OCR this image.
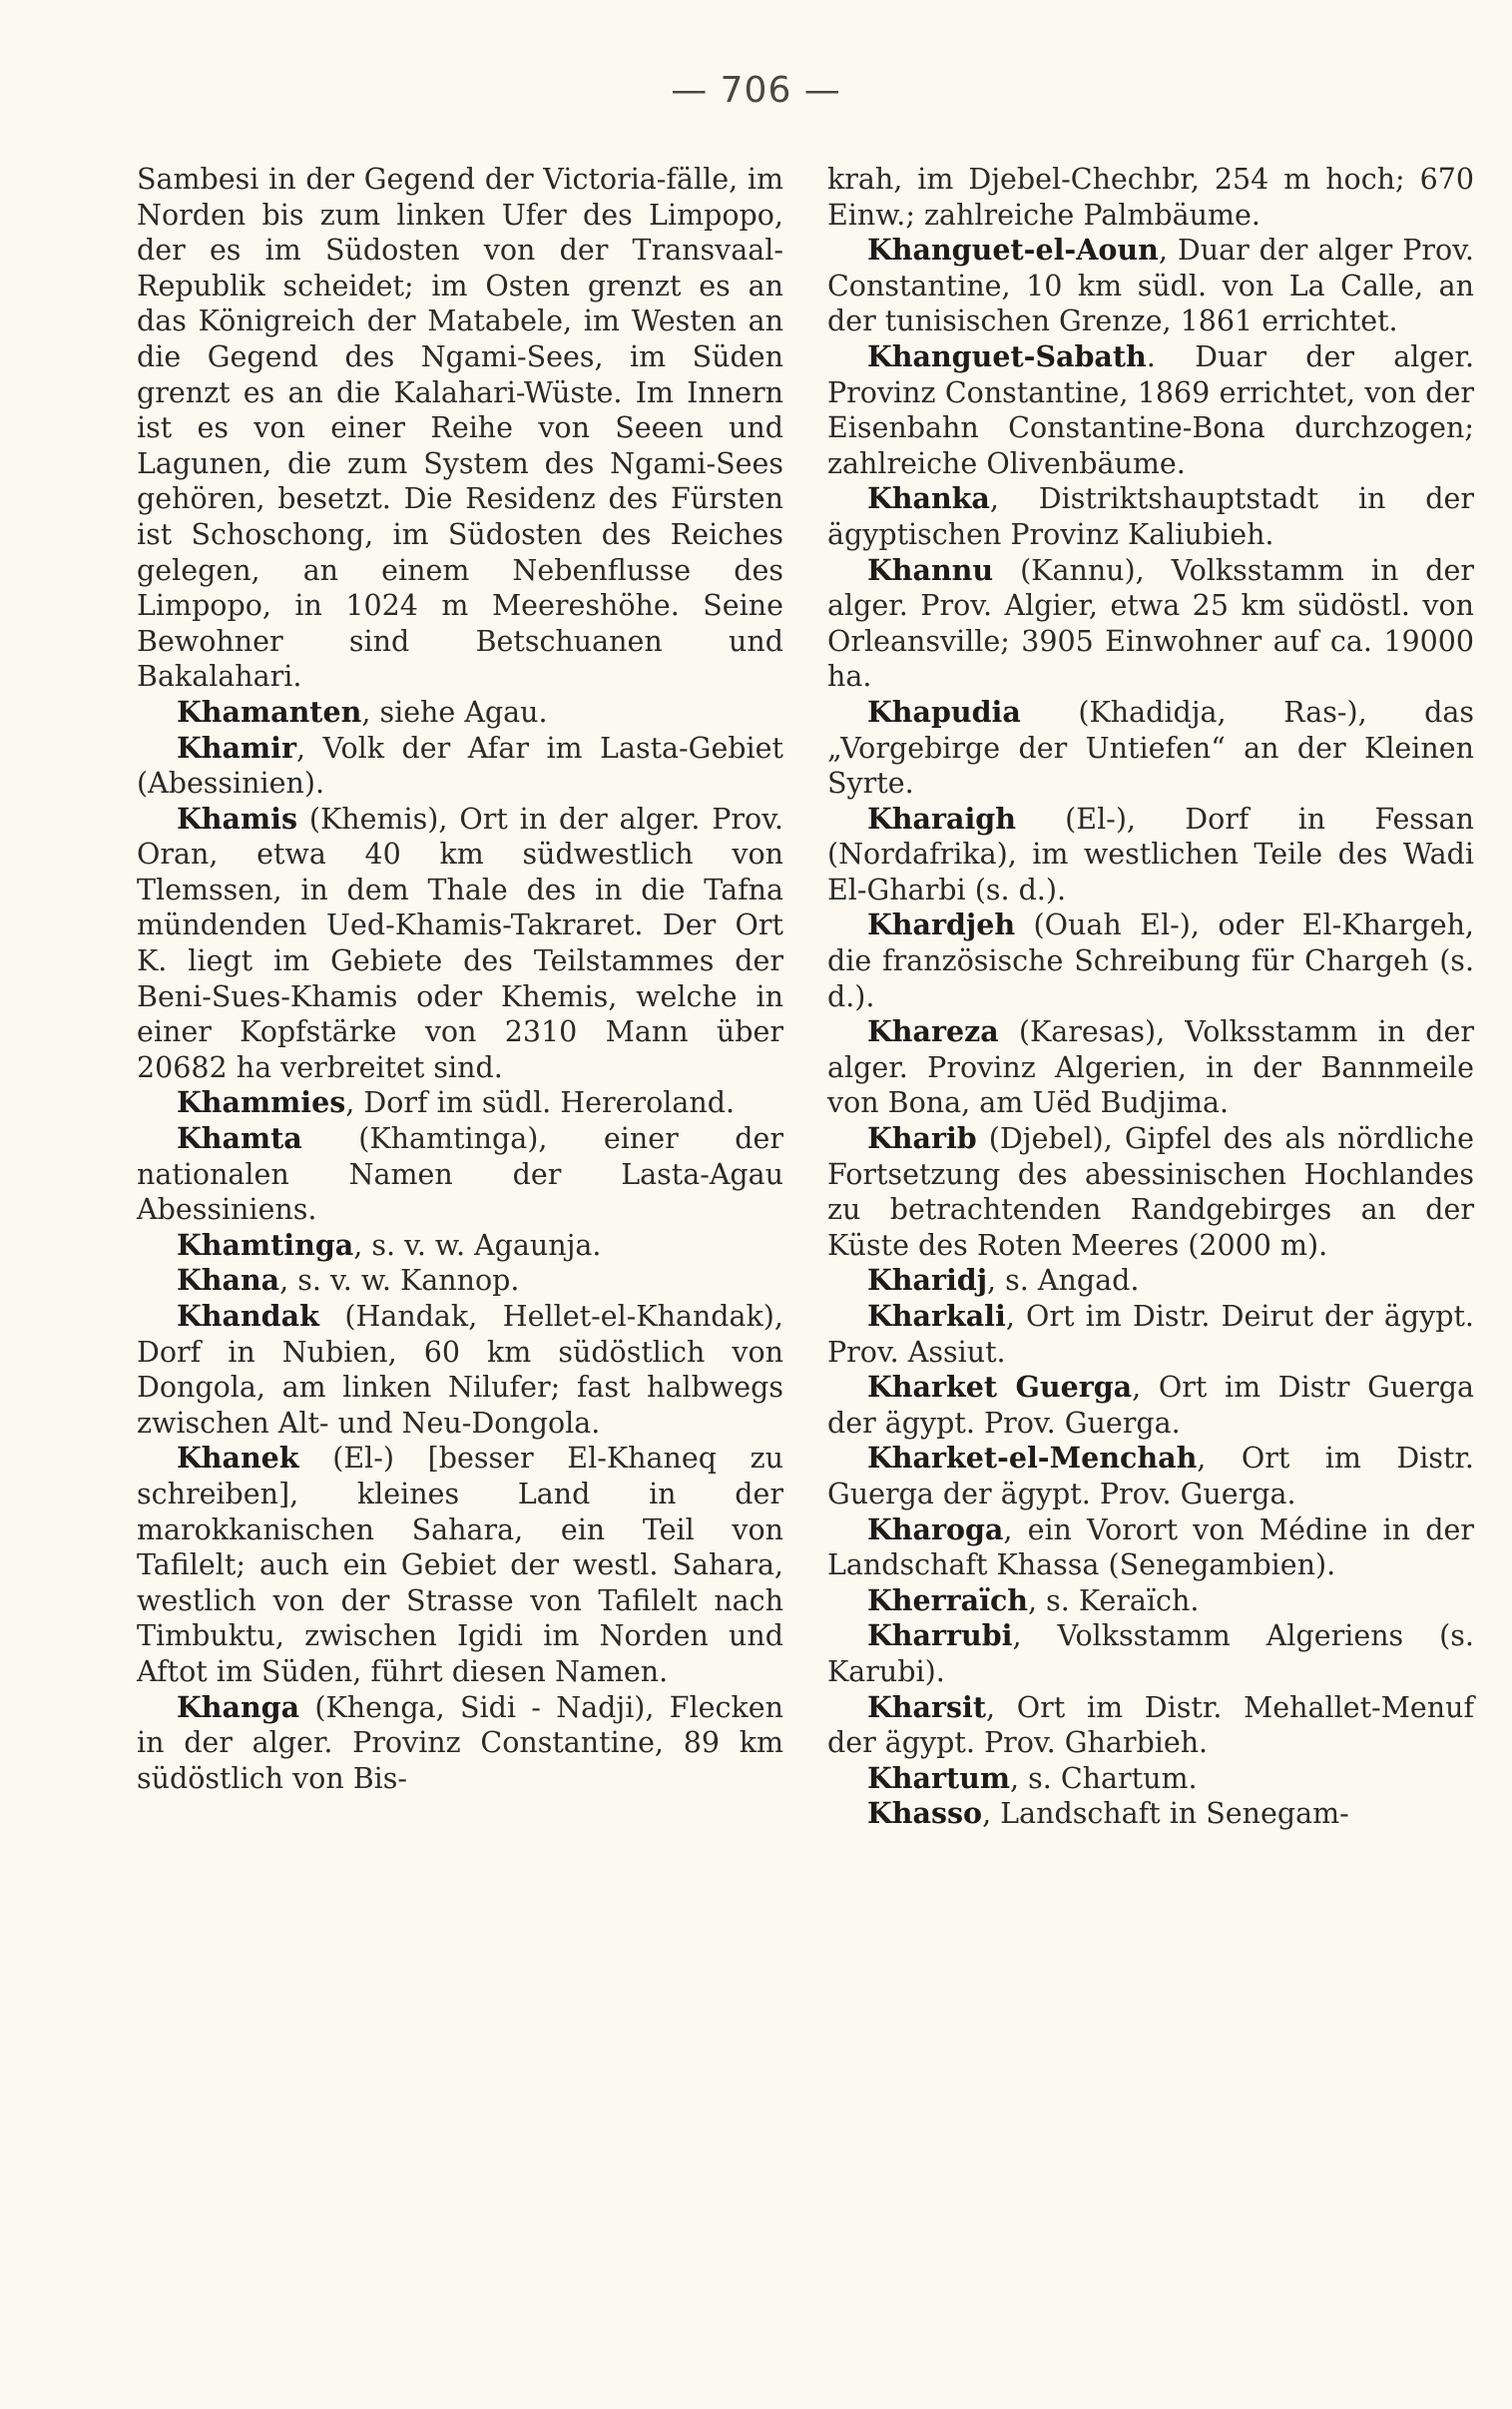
— 706 —

Sambesi in der Gegend der Victoria-fälle, im Norden bis zum linken Ufer des Limpopo, der es im Südosten von der Transvaal-Republik scheidet; im Osten grenzt es an das Königreich der Matabele, im Westen an die Gegend des Ngami-Sees, im Süden grenzt es an die Kalahari-Wüste. Im Innern ist es von einer Reihe von Seeen und Lagunen, die zum System des Ngami-Sees gehören, besetzt. Die Residenz des Fürsten ist Schoschong, im Südosten des Reiches gelegen, an einem Nebenflusse des Limpopo, in 1024 m Meereshöhe. Seine Bewohner sind Betschuanen und Bakalahari.

Khamanten, siehe Agau.

Khamir, Volk der Afar im Lasta-Gebiet (Abessinien).

Khamis (Khemis), Ort in der alger. Prov. Oran, etwa 40 km südwestlich von Tlemssen, in dem Thale des in die Tafna mündenden Ued-Khamis-Takraret. Der Ort K. liegt im Gebiete des Teilstammes der Beni-Sues-Khamis oder Khemis, welche in einer Kopfstärke von 2310 Mann über 20682 ha verbreitet sind.

Khammies, Dorf im südl. Hereroland.

Khamta (Khamtinga), einer der nationalen Namen der Lasta-Agau Abessiniens.

Khamtinga, s. v. w. Agaunja.

Khana, s. v. w. Kannop.

Khandak (Handak, Hellet-el-Khandak), Dorf in Nubien, 60 km südöstlich von Dongola, am linken Nilufer; fast halbwegs zwischen Alt- und Neu-Dongola.

Khanek (El-) [besser El-Khaneq zu schreiben], kleines Land in der marokkanischen Sahara, ein Teil von Tafilelt; auch ein Gebiet der westl. Sahara, westlich von der Strasse von Tafilelt nach Timbuktu, zwischen Igidi im Norden und Aftot im Süden, führt diesen Namen.

Khanga (Khenga, Sidi - Nadji), Flecken in der alger. Provinz Constantine, 89 km südöstlich von Bis-

krah, im Djebel-Chechbr, 254 m hoch; 670 Einw.; zahlreiche Palmbäume.

Khanguet-el-Aoun, Duar der alger Prov. Constantine, 10 km südl. von La Calle, an der tunisischen Grenze, 1861 errichtet.

Khanguet-Sabath. Duar der alger. Provinz Constantine, 1869 errichtet, von der Eisenbahn Constantine-Bona durchzogen; zahlreiche Olivenbäume.

Khanka, Distriktshauptstadt in der ägyptischen Provinz Kaliubieh.

Khannu (Kannu), Volksstamm in der alger. Prov. Algier, etwa 25 km südöstl. von Orleansville; 3905 Einwohner auf ca. 19000 ha.

Khapudia (Khadidja, Ras-), das „Vorgebirge der Untiefen“ an der Kleinen Syrte.

Kharaigh (El-), Dorf in Fessan (Nordafrika), im westlichen Teile des Wadi El-Gharbi (s. d.).

Khardjeh (Ouah El-), oder El-Khargeh, die französische Schreibung für Chargeh (s. d.).

Khareza (Karesas), Volksstamm in der alger. Provinz Algerien, in der Bannmeile von Bona, am Uëd Budjima.

Kharib (Djebel), Gipfel des als nördliche Fortsetzung des abessinischen Hochlandes zu betrachtenden Randgebirges an der Küste des Roten Meeres (2000 m).

Kharidj, s. Angad.

Kharkali, Ort im Distr. Deirut der ägypt. Prov. Assiut.

Kharket Guerga, Ort im Distr Guerga der ägypt. Prov. Guerga.

Kharket-el-Menchah, Ort im Distr. Guerga der ägypt. Prov. Guerga.

Kharoga, ein Vorort von Médine in der Landschaft Khassa (Senegambien).

Kherraïch, s. Keraïch.

Kharrubi, Volksstamm Algeriens (s. Karubi).

Kharsit, Ort im Distr. Mehallet-Menuf der ägypt. Prov. Gharbieh.

Khartum, s. Chartum.

Khasso, Landschaft in Senegam-
